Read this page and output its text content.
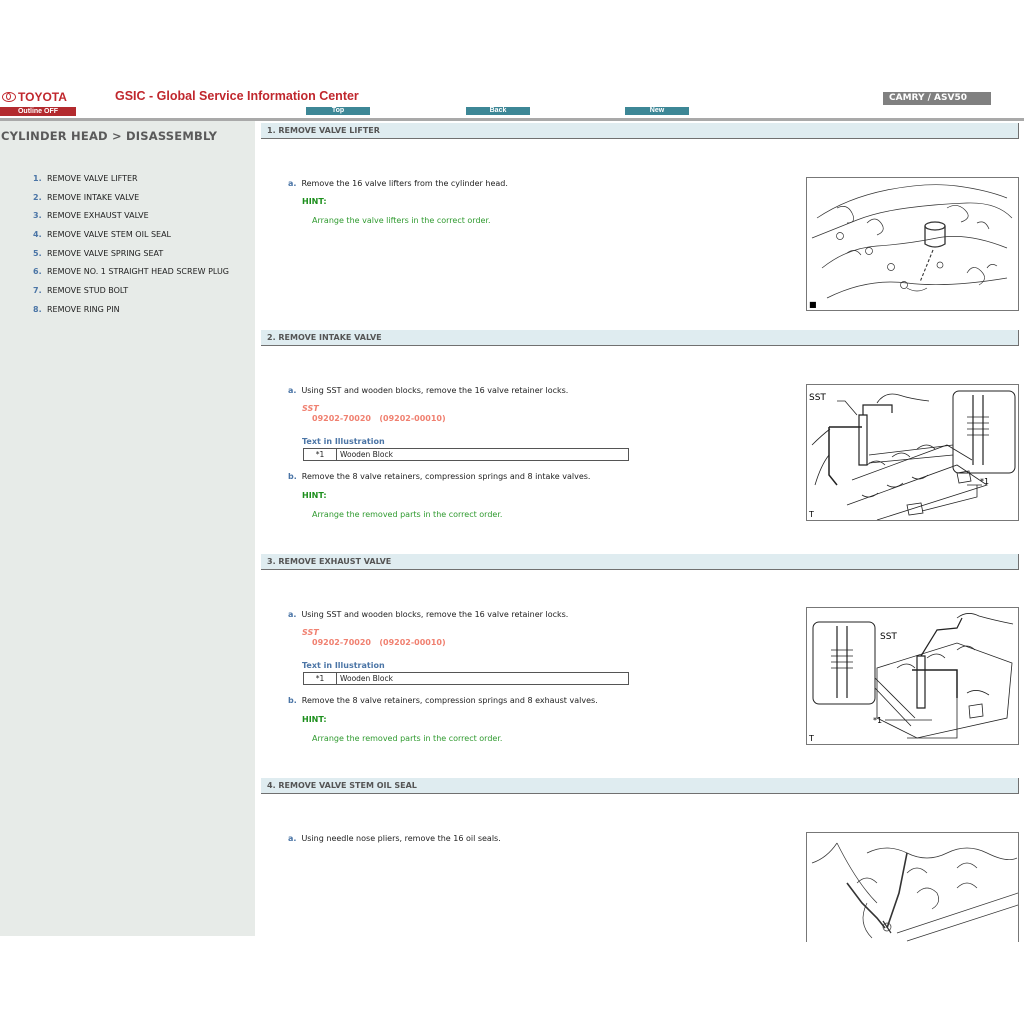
TOYOTA
Outline OFF
GSIC - Global Service Information Center
Top	Back	New
CAMRY / ASV50
CYLINDER HEAD > DISASSEMBLY
1. REMOVE VALVE LIFTER
2. REMOVE INTAKE VALVE
3. REMOVE EXHAUST VALVE
4. REMOVE VALVE STEM OIL SEAL
5. REMOVE VALVE SPRING SEAT
6. REMOVE NO. 1 STRAIGHT HEAD SCREW PLUG
7. REMOVE STUD BOLT
8. REMOVE RING PIN
1. REMOVE VALVE LIFTER
a. Remove the 16 valve lifters from the cylinder head.
HINT:
Arrange the valve lifters in the correct order.
■
2. REMOVE INTAKE VALVE
a. Using SST and wooden blocks, remove the 16 valve retainer locks.
SST
09202-70020   (09202-00010)
Text in Illustration
*1	Wooden Block
b. Remove the 8 valve retainers, compression springs and 8 intake valves.
HINT:
Arrange the removed parts in the correct order.
SST
*1
T
3. REMOVE EXHAUST VALVE
a. Using SST and wooden blocks, remove the 16 valve retainer locks.
SST
09202-70020   (09202-00010)
Text in Illustration
*1	Wooden Block
b. Remove the 8 valve retainers, compression springs and 8 exhaust valves.
HINT:
Arrange the removed parts in the correct order.
SST
*1
T
4. REMOVE VALVE STEM OIL SEAL
a. Using needle nose pliers, remove the 16 oil seals.
